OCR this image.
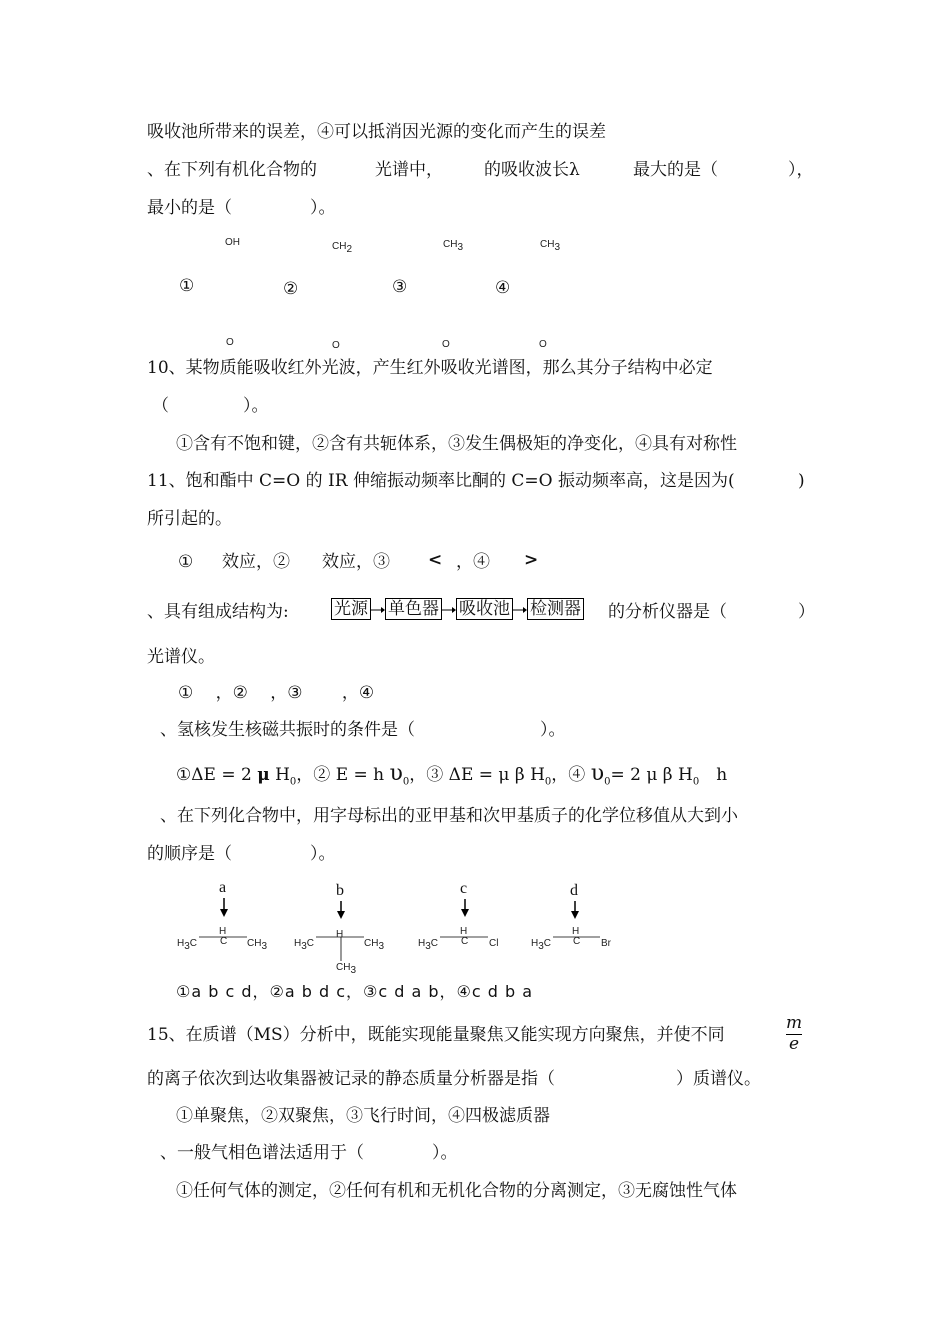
吸收池所带来的误差，④可以抵消因光源的变化而产生的误差
、在下列有机化合物的	光谱中， 的吸收波长λ	最大的是（	），
最小的是（	）。
OH	$CH_2$	$CH_3$	$CH_3$
①	②	③	④
O	O	O	O
10、某物质能吸收红外光波，产生红外吸收光谱图，那么其分子结构中必定
（	）。
①含有不饱和键，②含有共轭体系，③发生偶极矩的净变化，④具有对称性
11、饱和酯中 C=O 的 IR 伸缩振动频率比酮的 C=O 振动频率高，这是因为(	)
所引起的。
① 效应，② 效应，③ < ，④ >
、具有组成结构为:	光源 单色器 吸收池 检测器 的分析仪器是（	）
光谱仪。
①　 ，②　 ，③　　 ，④
、氢核发生核磁共振时的条件是（	）。
①ΔE = 2 μ $H_0$，② E = h $\upsilon_0$，③ ΔE = μ β $H_0$，④ $\upsilon_0= 2$ μ β $H_0$　 h
、在下列化合物中，用字母标出的亚甲基和次甲基质子的化学位移值从大到小
的顺序是（	）。
a	b	c	d
$H_3C$
H
C $CH_3$	$H_3C$
H
$CH_3$
$CH_3$
$H_3C$
H
C Cl	$H_3C$
H
C Br
①a b c d，②a b d c，③c d a b，④c d b a
15、在质谱（MS）分析中，既能实现能量聚焦又能实现方向聚焦，并使不同
m
e
的离子依次到达收集器被记录的静态质量分析器是指（	）质谱仪。
①单聚焦，②双聚焦，③飞行时间，④四极滤质器
、一般气相色谱法适用于（	）。
①任何气体的测定，②任何有机和无机化合物的分离测定，③无腐蚀性气体
